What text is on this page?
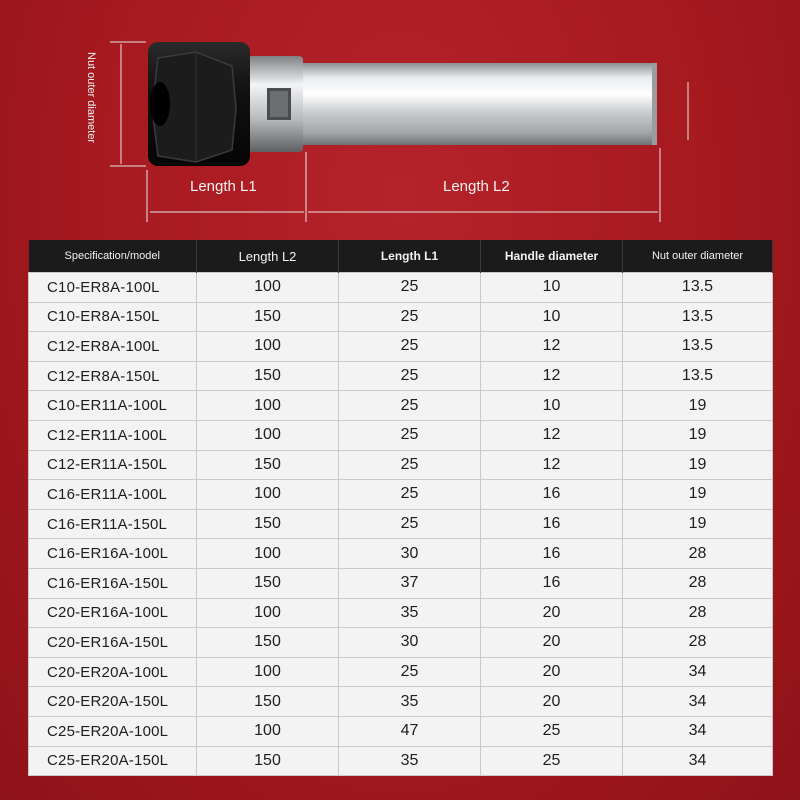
Nut outer diameter
Length L1	Length L2
Specification/model	Length L2	Length L1	Handle diameter	Nut outer diameter
C10-ER8A-100L	100	25	10	13.5
C10-ER8A-150L	150	25	10	13.5
C12-ER8A-100L	100	25	12	13.5
C12-ER8A-150L	150	25	12	13.5
C10-ER11A-100L	100	25	10	19
C12-ER11A-100L	100	25	12	19
C12-ER11A-150L	150	25	12	19
C16-ER11A-100L	100	25	16	19
C16-ER11A-150L	150	25	16	19
C16-ER16A-100L	100	30	16	28
C16-ER16A-150L	150	37	16	28
C20-ER16A-100L	100	35	20	28
C20-ER16A-150L	150	30	20	28
C20-ER20A-100L	100	25	20	34
C20-ER20A-150L	150	35	20	34
C25-ER20A-100L	100	47	25	34
C25-ER20A-150L	150	35	25	34
